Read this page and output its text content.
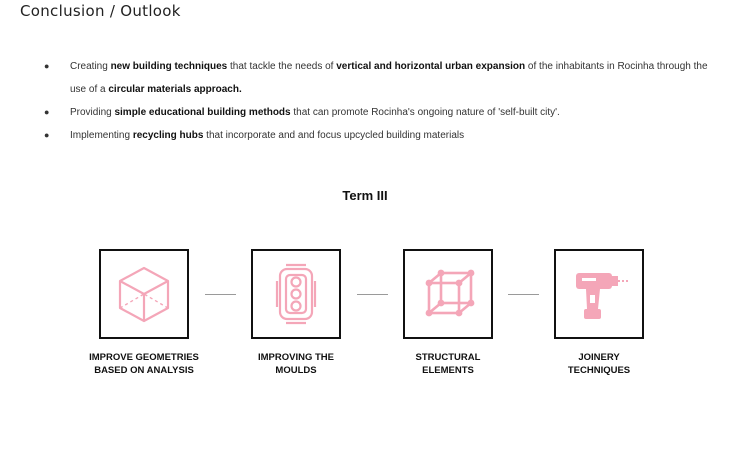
Conclusion / Outlook
● Creating new building techniques that tackle the needs of vertical and horizontal urban expansion of the inhabitants in Rocinha through the use of a circular materials approach.
● Providing simple educational building methods that can promote Rocinha's ongoing nature of 'self-built city'.
● Implementing recycling hubs that incorporate and and focus upcycled building materials
Term III
IMPROVE GEOMETRIES
BASED ON ANALYSIS
IMPROVING THE
MOULDS
STRUCTURAL
ELEMENTS
JOINERY
TECHNIQUES
